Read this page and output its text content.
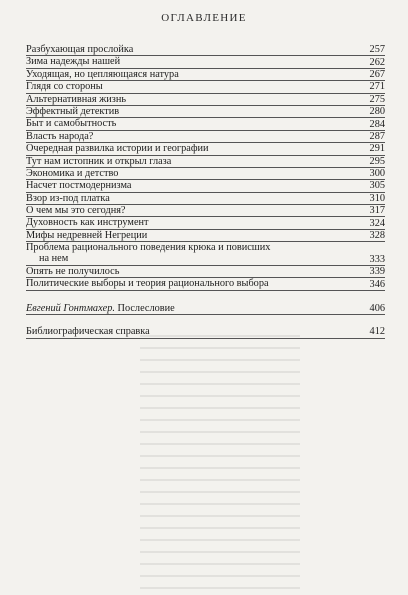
ОГЛАВЛЕНИЕ
Разбухающая прослойка	257
Зима надежды нашей	262
Уходящая, но цепляющаяся натура	267
Глядя со стороны	271
Альтернативная жизнь	275
Эффектный детектив	280
Быт и самобытность	284
Власть народа?	287
Очередная развилка истории и географии	291
Тут нам истопник и открыл глаза	295
Экономика и детство	300
Насчет постмодернизма	305
Взор из-под платка	310
О чем мы это сегодня?	317
Духовность как инструмент	324
Мифы недревней Негреции	328
Проблема рационального поведения крюка и повисших
на нем	333
Опять не получилось	339
Политические выборы и теория рационального выбора	346
Евгений Гонтмахер. Послесловие	406
Библиографическая справка	412
